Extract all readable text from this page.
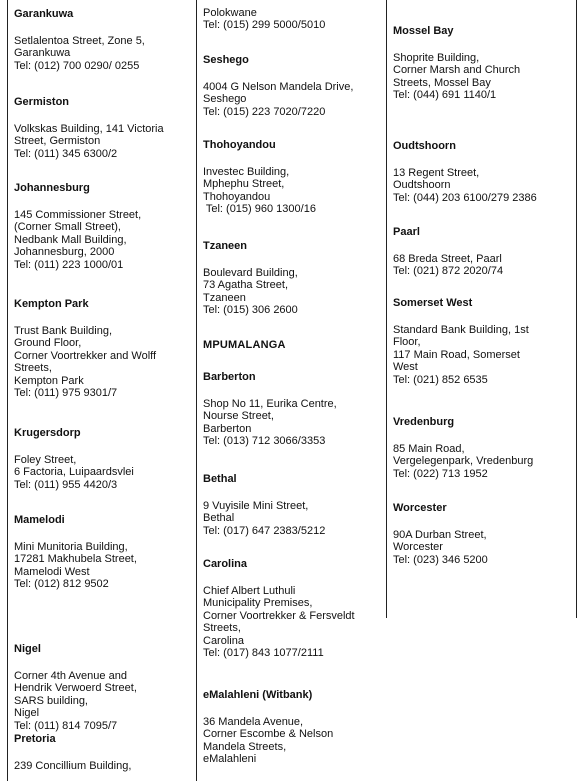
Garankuwa
Setlalentoa Street, Zone 5,
Garankuwa
Tel: (012) 700 0290/ 0255
Germiston
Volkskas Building, 141 Victoria
Street, Germiston
Tel: (011) 345 6300/2
Johannesburg
145 Commissioner Street,
(Corner Small Street),
Nedbank Mall Building,
Johannesburg, 2000
Tel: (011) 223 1000/01
Kempton Park
Trust Bank Building,
Ground Floor,
Corner Voortrekker and Wolff
Streets,
Kempton Park
Tel: (011) 975 9301/7
Krugersdorp
Foley Street,
6 Factoria, Luipaardsvlei
Tel: (011) 955 4420/3
Mamelodi
Mini Munitoria Building,
17281 Makhubela Street,
Mamelodi West
Tel: (012) 812 9502
Nigel
Corner 4th Avenue and
Hendrik Verwoerd Street,
SARS building,
Nigel
Tel: (011) 814 7095/7
Pretoria
239 Concillium Building,
Polokwane
Tel: (015) 299 5000/5010
Seshego
4004 G Nelson Mandela Drive,
Seshego
Tel: (015) 223 7020/7220
Thohoyandou
Investec Building,
Mphephu Street,
Thohoyandou
Tel: (015) 960 1300/16
Tzaneen
Boulevard Building,
73 Agatha Street,
Tzaneen
Tel: (015) 306 2600
MPUMALANGA
Barberton
Shop No 11, Eurika Centre,
Nourse Street,
Barberton
Tel: (013) 712 3066/3353
Bethal
9 Vuyisile Mini Street,
Bethal
Tel: (017) 647 2383/5212
Carolina
Chief Albert Luthuli
Municipality Premises,
Corner Voortrekker & Fersveldt
Streets,
Carolina
Tel: (017) 843 1077/2111
eMalahleni (Witbank)
36 Mandela Avenue,
Corner Escombe & Nelson
Mandela Streets,
eMalahleni
Mossel Bay
Shoprite Building,
Corner Marsh and Church
Streets, Mossel Bay
Tel: (044) 691 1140/1
Oudtshoorn
13 Regent Street,
Oudtshoorn
Tel: (044) 203 6100/279 2386
Paarl
68 Breda Street, Paarl
Tel: (021) 872 2020/74
Somerset West
Standard Bank Building, 1st
Floor,
117 Main Road, Somerset
West
Tel: (021) 852 6535
Vredenburg
85 Main Road,
Vergelegenpark, Vredenburg
Tel: (022) 713 1952
Worcester
90A Durban Street,
Worcester
Tel: (023) 346 5200
